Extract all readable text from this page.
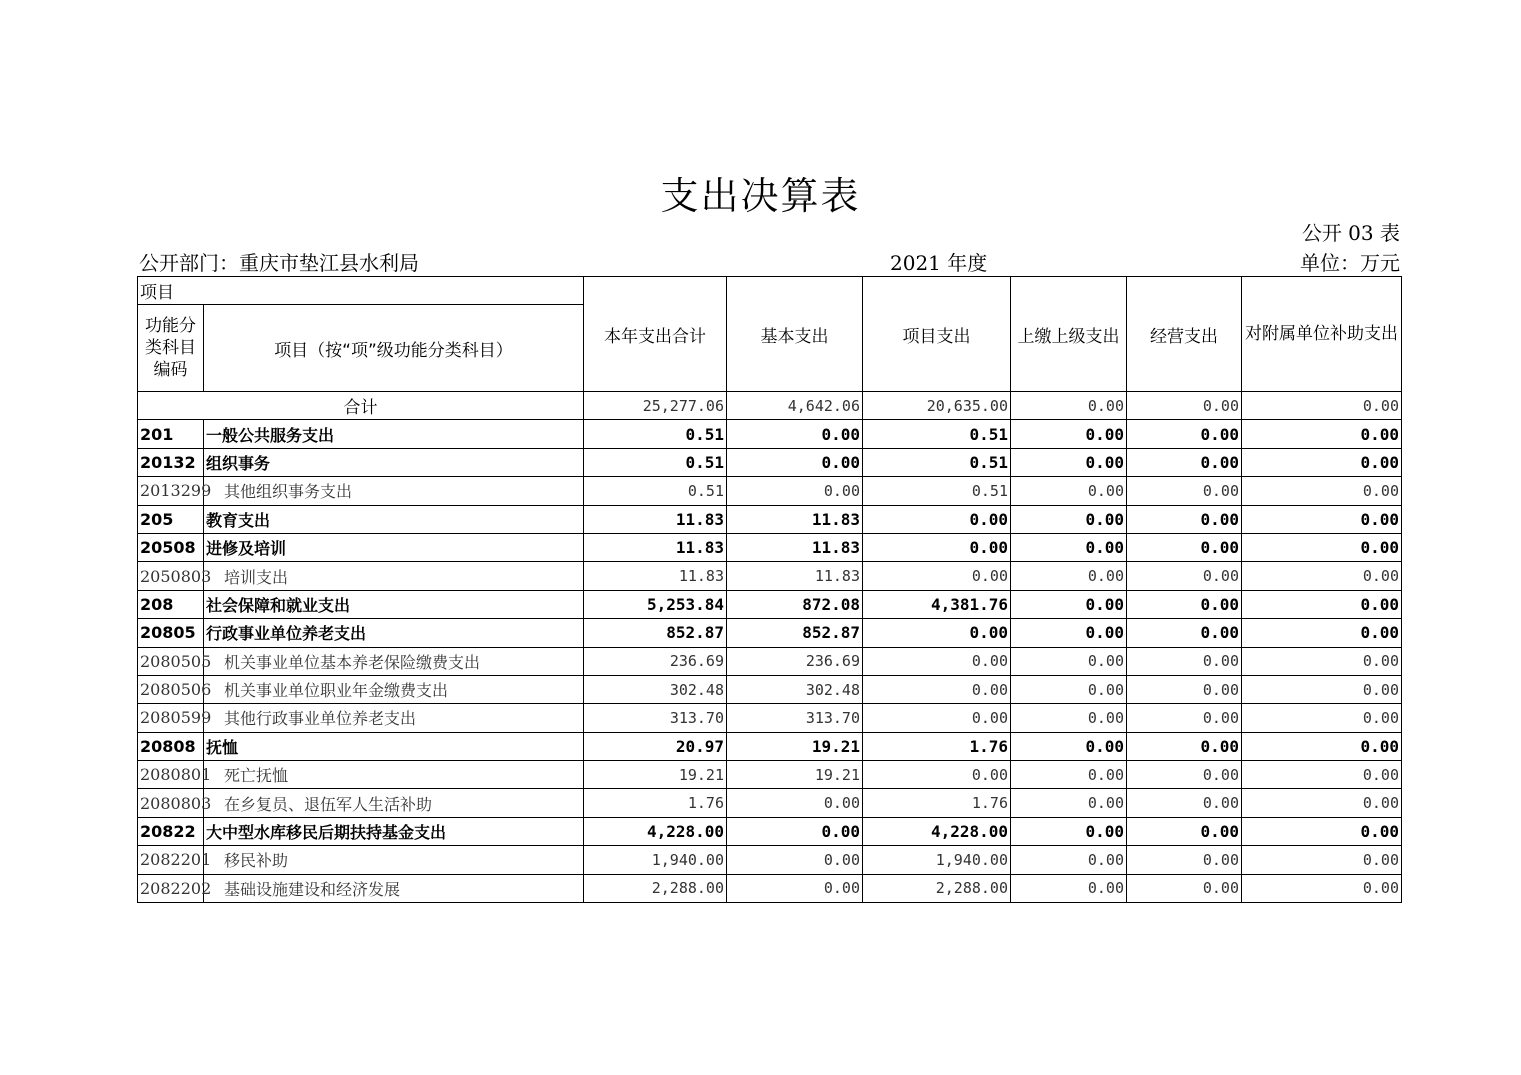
支出决算表
公开 03 表
公开部门：重庆市垫江县水利局	2021 年度	单位：万元
项目		本年支出合计	基本支出	项目支出	上缴上级支出	经营支出	对附属单位补助支出
功能分类科目编码	项目（按“项”级功能分类科目）						
合计		25,277.06	4,642.06	20,635.00	0.00	0.00	0.00
201	一般公共服务支出	0.51	0.00	0.51	0.00	0.00	0.00
20132	组织事务	0.51	0.00	0.51	0.00	0.00	0.00
2013299	其他组织事务支出	0.51	0.00	0.51	0.00	0.00	0.00
205	教育支出	11.83	11.83	0.00	0.00	0.00	0.00
20508	进修及培训	11.83	11.83	0.00	0.00	0.00	0.00
2050803	培训支出	11.83	11.83	0.00	0.00	0.00	0.00
208	社会保障和就业支出	5,253.84	872.08	4,381.76	0.00	0.00	0.00
20805	行政事业单位养老支出	852.87	852.87	0.00	0.00	0.00	0.00
2080505	机关事业单位基本养老保险缴费支出	236.69	236.69	0.00	0.00	0.00	0.00
2080506	机关事业单位职业年金缴费支出	302.48	302.48	0.00	0.00	0.00	0.00
2080599	其他行政事业单位养老支出	313.70	313.70	0.00	0.00	0.00	0.00
20808	抚恤	20.97	19.21	1.76	0.00	0.00	0.00
2080801	死亡抚恤	19.21	19.21	0.00	0.00	0.00	0.00
2080803	在乡复员、退伍军人生活补助	1.76	0.00	1.76	0.00	0.00	0.00
20822	大中型水库移民后期扶持基金支出	4,228.00	0.00	4,228.00	0.00	0.00	0.00
2082201	移民补助	1,940.00	0.00	1,940.00	0.00	0.00	0.00
2082202	基础设施建设和经济发展	2,288.00	0.00	2,288.00	0.00	0.00	0.00
